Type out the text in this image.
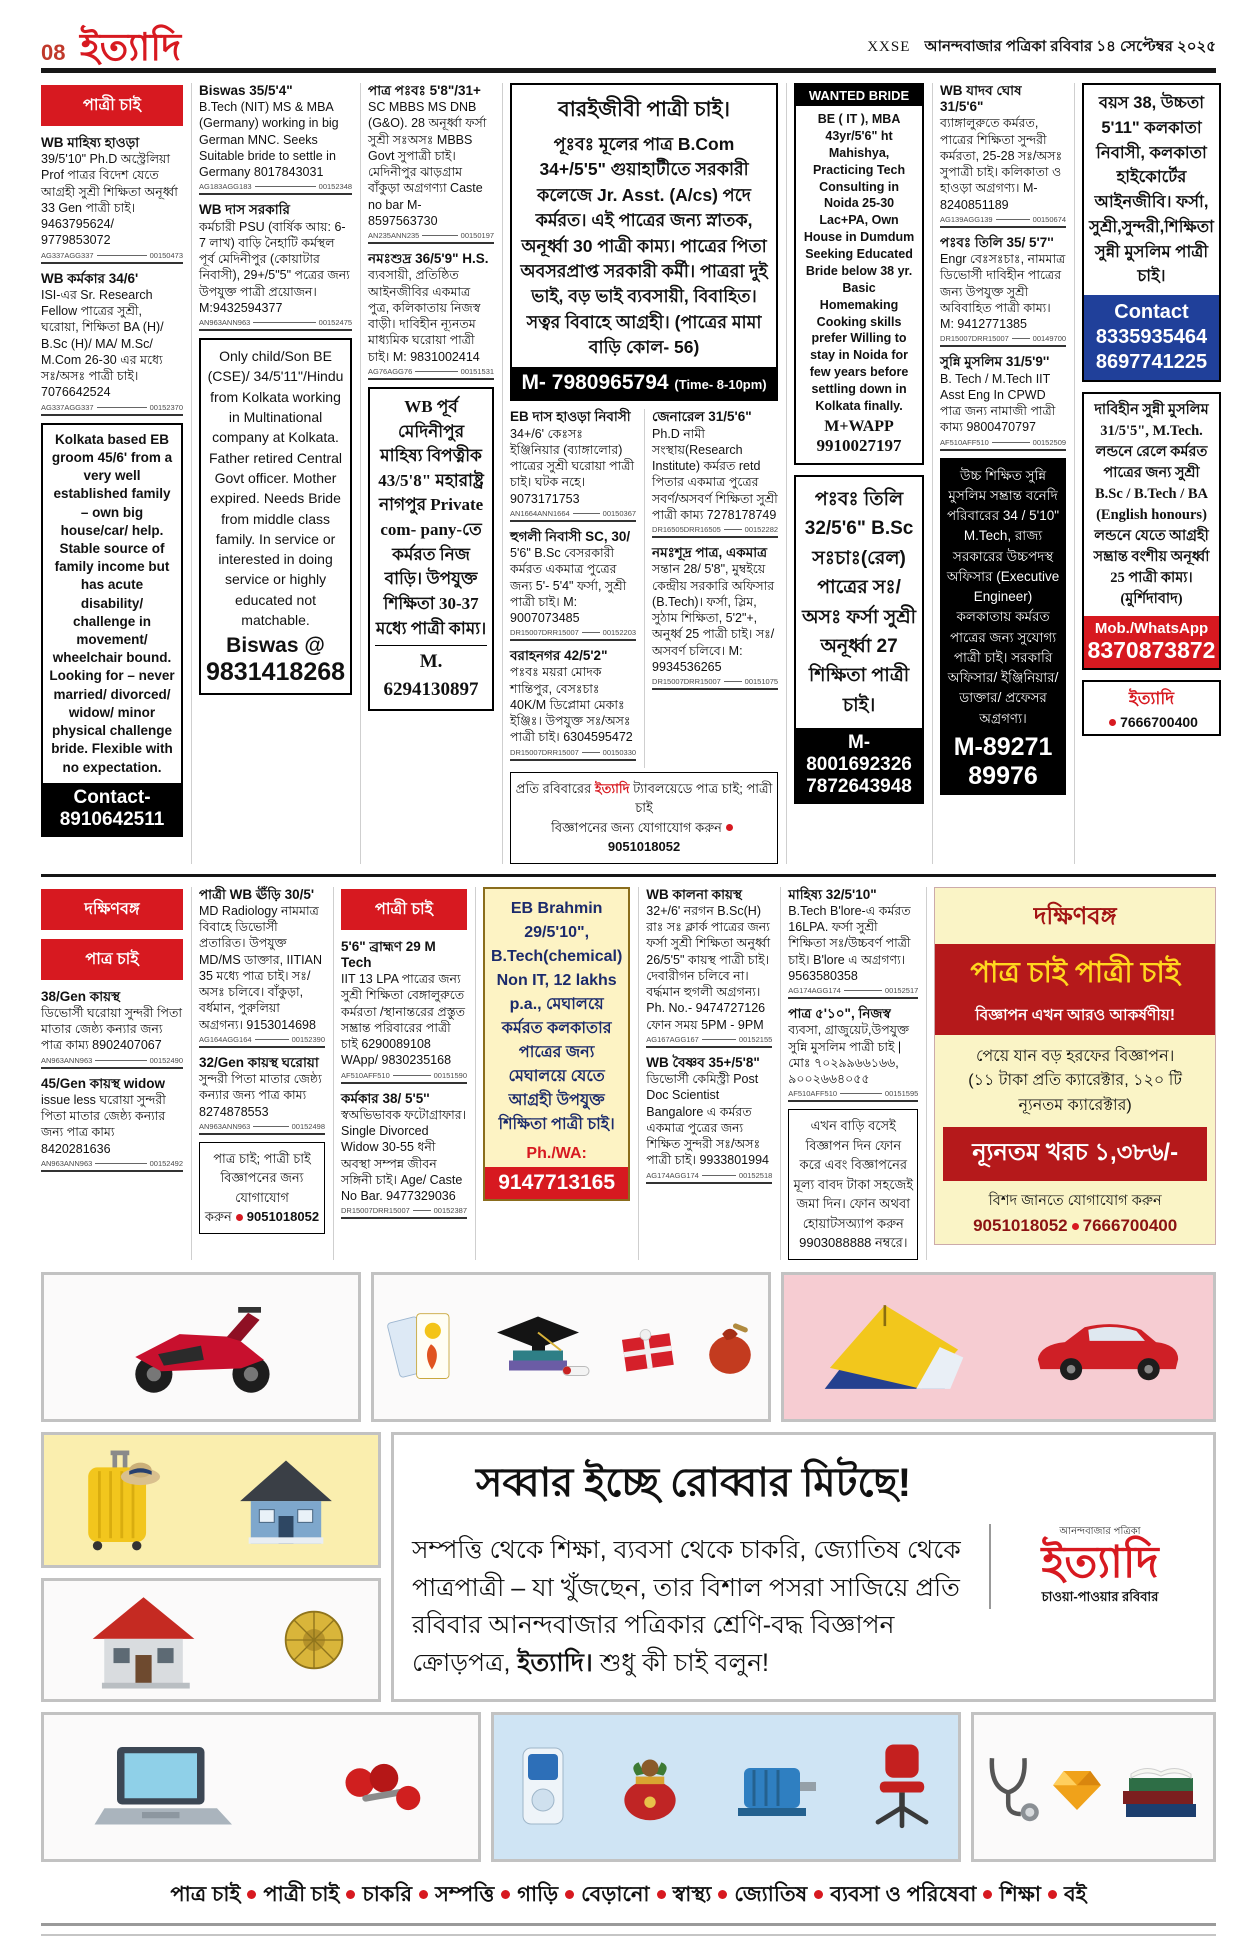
08 ইত্যাদি	XXSE আনন্দবাজার পত্রিকা রবিবার ১৪ সেপ্টেম্বর ২০২৫
পাত্রী চাই
WB মাহিষ্য হাওড়া
39/5'10" Ph.D অস্ট্রেলিয়া Prof পাত্রর বিদেশ যেতে আগ্রহী সুশ্রী শিক্ষিতা অনূর্ধ্বা 33 Gen পাত্রী চাই। 9463795624/ 9779853072
AG337AGG337	00150473
WB কর্মকার 34/6'
ISI-এর Sr. Research Fellow পাত্রের সুশ্রী, ঘরোয়া, শিক্ষিতা BA (H)/ B.Sc (H)/ MA/ M.Sc/ M.Com 26-30 এর মধ্যে সঃ/অসঃ পাত্রী চাই। 7076642524
AG337AGG337	00152370
Kolkata based EB groom 45/6' from a very well established family – own big house/car/ help. Stable source of family income but has acute disability/ challenge in movement/ wheelchair bound. Looking for – never married/ divorced/ widow/ minor physical challenge bride. Flexible with no expectation.
Contact-
8910642511
Biswas 35/5'4"
B.Tech (NIT) MS & MBA (Germany) working in big German MNC. Seeks Suitable bride to settle in Germany 8017843031
AG183AGG183	00152348
WB দাস সরকারি
কর্মচারী PSU (বার্ষিক আয়: 6-7 লাখ) বাড়ি নৈহাটি কর্মস্থল পূর্ব মেদিনীপুর (কোয়াটার নিবাসী), 29+/5"5" পত্রের জন্য উপযুক্ত পাত্রী প্রয়োজন। M:9432594377
AN963ANN963	00152475
Only child/Son BE (CSE)/ 34/5'11"/Hindu from Kolkata working in Multinational company at Kolkata. Father retired Central Govt officer. Mother expired. Needs Bride from middle class family. In service or interested in doing service or highly educated not matchable.
Biswas @
9831418268
পাত্র পঃবঃ 5'8"/31+
SC MBBS MS DNB (G&O). 28 অনূর্ধ্বা ফর্সা সুশ্রী সঃঅসঃ MBBS Govt সুপাত্রী চাই। মেদিনীপুর ঝাড়গ্রাম বাঁকুড়া অগ্রগণ্যা Caste no bar M- 8597563730
AN235ANN235	00150197
নমঃশুদ্র 36/5'9" H.S.
ব্যবসায়ী, প্রতিষ্ঠিত আইনজীবির একমাত্র পুত্র, কলিকাতায় নিজস্ব বাড়ী। দাবিহীন ন্যূনতম মাধ্যমিক ঘরোয়া পাত্রী চাই। M: 9831002414
AG76AGG76	00151531
WB পূর্ব মেদিনীপুর মাহিষ্য বিপত্নীক 43/5'8" মহারাষ্ট্র নাগপুর Private com- pany-তে কর্মরত নিজ বাড়ি। উপযুক্ত শিক্ষিতা 30-37 মধ্যে পাত্রী কাম্য।
M. 6294130897
বারইজীবী পাত্রী চাই।
পূঃবঃ মূলের পাত্র B.Com 34+/5'5" গুয়াহাটীতে সরকারী কলেজে Jr. Asst. (A/cs) পদে কর্মরত। এই পাত্রের জন্য স্নাতক, অনূর্ধ্বা 30 পাত্রী কাম্য। পাত্রের পিতা অবসরপ্রাপ্ত সরকারী কর্মী। পাত্ররা দুই ভাই, বড় ভাই ব্যবসায়ী, বিবাহিত। সত্বর বিবাহে আগ্রহী। (পাত্রের মামা বাড়ি কোল- 56)
M- 7980965794 (Time- 8-10pm)
EB দাস হাওড়া নিবাসী
34+/6' কেঃসঃ ইঞ্জিনিয়ার (ব্যাঙ্গালোর) পাত্রের সুশ্রী ঘরোয়া পাত্রী চাই। ঘটক নহে। 9073171753
AN1664ANN1664	00150367
হুগলী নিবাসী SC, 30/
5'6" B.Sc বেসরকারী কর্মরত একমাত্র পুত্রের জন্য 5'- 5'4" ফর্সা, সুশ্রী পাত্রী চাই। M: 9007073485
DR15007DRR15007	00152203
বরাহনগর 42/5'2"
পঃবঃ ময়রা মোদক শান্তিপুর, বেসঃচাঃ 40K/M ডিপ্লোমা মেকাঃ ইঞ্জিঃ। উপযুক্ত সঃ/অসঃ পাত্রী চাই। 6304595472
DR15007DRR15007	00150330
জেনারেল 31/5'6"
Ph.D নামী সংস্থায়(Research Institute) কর্মরত retd পিতার একমাত্র পুত্রের সবর্ণ/অসবর্ণ শিক্ষিতা সুশ্রী পাত্রী কাম্য 7278178749
DR16505DRR16505	00152282
নমঃশূদ্র পাত্র, একমাত্র
সন্তান 28/ 5'8", মুম্বইয়ে কেন্দ্রীয় সরকারি অফিসার (B.Tech)। ফর্সা, স্লিম, সুঠাম শিক্ষিতা, 5'2"+, অনুর্ধ্ব 25 পাত্রী চাই। সঃ/ অসবর্ণ চলিবে। M: 9934536265
DR15007DRR15007	00151075
প্রতি রবিবারের ইত্যাদি ট্যাবলয়েডে পাত্র চাই; পাত্রী চাই
বিজ্ঞাপনের জন্য যোগাযোগ করুন9051018052
WANTED BRIDE
BE ( IT ), MBA 43yr/5'6" ht Mahishya, Practicing Tech Consulting in Noida 25-30 Lac+PA, Own House in Dumdum Seeking Educated Bride below 38 yr. Basic Homemaking Cooking skills prefer Willing to stay in Noida for few years before settling down in Kolkata finally.
M+WAPP
9910027197
পঃবঃ তিলি 32/5'6" B.Sc সঃচাঃ(রেল) পাত্রের সঃ/অসঃ ফর্সা সুশ্রী অনূর্ধ্বা 27 শিক্ষিতা পাত্রী চাই।
M-8001692326
7872643948
WB যাদব ঘোষ 31/5'6"
ব্যাঙ্গালুরুতে কর্মরত, পাত্রের শিক্ষিতা সুন্দরী কর্মরতা, 25-28 সঃ/অসঃ সুপাত্রী চাই। কলিকাতা ও হাওড়া অগ্রগণ্য। M- 8240851189
AG139AGG139	00150674
পঃবঃ তিলি 35/ 5'7''
Engr বেঃসঃচাঃ, নামমাত্র ডিভোর্সী দাবিহীন পাত্রের জন্য উপযুক্ত সুশ্রী অবিবাহিত পাত্রী কাম্য। M: 9412771385
DR15007DRR15007	00149700
সুন্নি মুসলিম 31/5'9''
B. Tech / M.Tech IIT Asst Eng In CPWD পাত্র জন্য নামাজী পাত্রী কাম্য 9800470797
AF510AFF510	00152509
উচ্চ শিক্ষিত সুন্নি মুসলিম সম্ভ্রান্ত বনেদি পরিবারের 34 / 5'10" M.Tech, রাজ্য সরকারের উচ্চপদস্থ অফিসার (Executive Engineer) কলকাতায় কর্মরত পাত্রের জন্য সুযোগ্য পাত্রী চাই। সরকারি অফিসার/ ইঞ্জিনিয়ার/ ডাক্তার/ প্রফেসর অগ্রগণ্য।
M-89271 89976
বয়স 38, উচ্চতা 5'11" কলকাতা নিবাসী, কলকাতা হাইকোর্টের আইনজীবি। ফর্সা, সুশ্রী,সুন্দরী,শিক্ষিতা সুন্নী মুসলিম পাত্রী চাই।
Contact
8335935464
8697741225
দাবিহীন সুন্নী মুসলিম 31/5'5", M.Tech. লন্ডনে রেলে কর্মরত পাত্রের জন্য সুশ্রী B.Sc / B.Tech / BA (English honours) লন্ডনে যেতে আগ্রহী সম্ভ্রান্ত বংশীয় অনূর্ধ্বা 25 পাত্রী কাম্য। (মুর্শিদাবাদ)
Mob./WhatsApp
8370873872
ইত্যাদি
7666700400
দক্ষিণবঙ্গ
পাত্র চাই
38/Gen কায়স্থ
ডিভোর্সী ঘরোয়া সুন্দরী পিতা মাতার জেষ্ঠ্য কন্যার জন্য পাত্র কাম্য 8902407067
AN963ANN963	00152490
45/Gen কায়স্থ widow
issue less ঘরোয়া সুন্দরী পিতা মাতার জেষ্ঠ্য কন্যার জন্য পাত্র কাম্য 8420281636
AN963ANN963	00152492
পাত্রী WB ঊঁড়ি 30/5'
MD Radiology নামমাত্র বিবাহে ডিভোর্সী প্রতারিত। উপযুক্ত MD/MS ডাক্তার, IITIAN 35 মধ্যে পাত্র চাই। সঃ/অসঃ চলিবে। বাঁকুড়া, বর্ধমান, পুরুলিয়া অগ্রগন্য। 9153014698
AG164AGG164	00152390
32/Gen কায়স্থ ঘরোয়া
সুন্দরী পিতা মাতার জেষ্ঠ্য কন্যার জন্য পাত্র কাম্য 8274878553
AN963ANN963	00152498
পাত্র চাই; পাত্রী চাই
বিজ্ঞাপনের জন্য যোগাযোগ
করুন 9051018052
পাত্রী চাই
5'6" ব্রাহ্মণ 29 M Tech
IIT 13 LPA পাত্রের জন্য সুশ্রী শিক্ষিতা বেঙ্গালুরুতে কর্মরতা /স্থানান্তরের প্রস্তুত সম্ভ্রান্ত পরিবারের পাত্রী চাই 6290089108 WApp/ 9830235168
AF510AFF510	00151590
কর্মকার 38/ 5'5''
স্বঅভিভাবক ফটোগ্রাফার। Single Divorced Widow 30-55 ধনী অবস্থা সম্পন্ন জীবন সঙ্গিনী চাই। Age/ Caste No Bar. 9477329036
DR15007DRR15007	00152387
EB Brahmin 29/5'10", B.Tech(chemical) Non IT, 12 lakhs p.a., মেঘালয়ে কর্মরত কলকাতার পাত্রের জন্য মেঘালয়ে যেতে আগ্রহী উপযুক্ত শিক্ষিতা পাত্রী চাই।
Ph./WA:
9147713165
WB কালনা কায়স্থ
32+/6' নরগন B.Sc(H) রাঃ সঃ ক্লার্ক পাত্রের জন্য ফর্সা সুশ্রী শিক্ষিতা অনুর্ধ্বা 26/5'5" কায়স্থ পাত্রী চাই। দেবারীগন চলিবে না। বর্দ্ধমান হুগলী অগ্রগন্য। Ph. No.- 9474727126 ফোন সময় 5PM - 9PM
AG167AGG167	00152155
WB বৈষ্ণব 35+/5'8"
ডিভোর্সী কেমিস্ট্রী Post Doc Scientist Bangalore এ কর্মরত একমাত্র পুত্রের জন্য শিক্ষিত সুন্দরী সঃ/অসঃ পাত্রী চাই। 9933801994
AG174AGG174	00152518
মাহিষ্য 32/5'10"
B.Tech B'lore-এ কর্মরত 16LPA. ফর্সা সুশ্রী শিক্ষিতা সঃ/উচ্চবর্ণ পাত্রী চাই। B'lore এ অগ্রগণ্য। 9563580358
AG174AGG174	00152517
পাত্র ৫'১০", নিজস্ব
ব্যবসা, গ্রাজুয়েট,উপযুক্ত সুন্নি মুসলিম পাত্রী চাই | মোঃ ৭০২৯৯৬৬১৬৬, ৯০০২৬৬৪০৫৫
AF510AFF510	00151595
এখন বাড়ি বসেই বিজ্ঞাপন দিন ফোন করে এবং বিজ্ঞাপনের মূল্য বাবদ টাকা সহজেই জমা দিন। ফোন অথবা হোয়াটসঅ্যাপ করুন 9903088888 নম্বরে।
দক্ষিণবঙ্গ
পাত্র চাই পাত্রী চাই
বিজ্ঞাপন এখন আরও আকর্ষণীয়!
পেয়ে যান বড় হরফের বিজ্ঞাপন।
(১১ টাকা প্রতি ক্যারেক্টার, ১২০ টি ন্যূনতম ক্যারেক্টার)
ন্যূনতম খরচ ১,৩৮৬/-
বিশদ জানতে যোগাযোগ করুন
9051018052 7666700400
সব্বার ইচ্ছে রোব্বার মিটছে!
সম্পত্তি থেকে শিক্ষা, ব্যবসা থেকে চাকরি, জ্যোতিষ থেকে পাত্রপাত্রী – যা খুঁজছেন, তার বিশাল পসরা সাজিয়ে প্রতি রবিবার আনন্দবাজার পত্রিকার শ্রেণি-বদ্ধ বিজ্ঞাপন ক্রোড়পত্র, ইত্যাদি। শুধু কী চাই বলুন!
আনন্দবাজার পত্রিকা
ইত্যাদি
চাওয়া-পাওয়ার রবিবার
পাত্র চাই পাত্রী চাই চাকরি সম্পত্তি গাড়ি বেড়ানো স্বাস্থ্য জ্যোতিষ ব্যবসা ও পরিষেবা শিক্ষা বই
